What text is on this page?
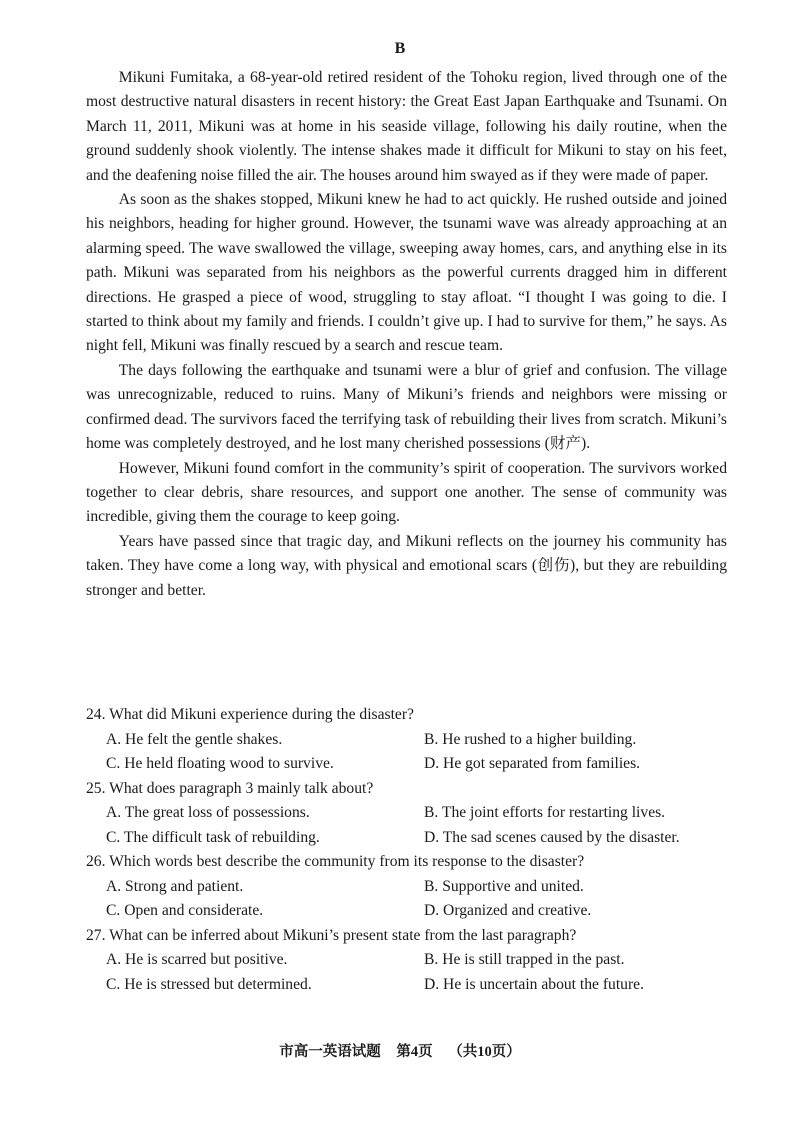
B

Mikuni Fumitaka, a 68-year-old retired resident of the Tohoku region, lived through one of the most destructive natural disasters in recent history: the Great East Japan Earthquake and Tsunami. On March 11, 2011, Mikuni was at home in his seaside village, following his daily routine, when the ground suddenly shook violently. The intense shakes made it difficult for Mikuni to stay on his feet, and the deafening noise filled the air. The houses around him swayed as if they were made of paper.

As soon as the shakes stopped, Mikuni knew he had to act quickly. He rushed outside and joined his neighbors, heading for higher ground. However, the tsunami wave was already approaching at an alarming speed. The wave swallowed the village, sweeping away homes, cars, and anything else in its path. Mikuni was separated from his neighbors as the powerful currents dragged him in different directions. He grasped a piece of wood, struggling to stay afloat. “I thought I was going to die. I started to think about my family and friends. I couldn’t give up. I had to survive for them,” he says. As night fell, Mikuni was finally rescued by a search and rescue team.

The days following the earthquake and tsunami were a blur of grief and confusion. The village was unrecognizable, reduced to ruins. Many of Mikuni’s friends and neighbors were missing or confirmed dead. The survivors faced the terrifying task of rebuilding their lives from scratch. Mikuni’s home was completely destroyed, and he lost many cherished possessions (财产).

However, Mikuni found comfort in the community’s spirit of cooperation. The survivors worked together to clear debris, share resources, and support one another. The sense of community was incredible, giving them the courage to keep going.

Years have passed since that tragic day, and Mikuni reflects on the journey his community has taken. They have come a long way, with physical and emotional scars (创伤), but they are rebuilding stronger and better.

24. What did Mikuni experience during the disaster?

A. He felt the gentle shakes.	B. He rushed to a higher building.
C. He held floating wood to survive.	D. He got separated from families.

25. What does paragraph 3 mainly talk about?

A. The great loss of possessions.	B. The joint efforts for restarting lives.
C. The difficult task of rebuilding.	D. The sad scenes caused by the disaster.

26. Which words best describe the community from its response to the disaster?

A. Strong and patient.	B. Supportive and united.
C. Open and considerate.	D. Organized and creative.

27. What can be inferred about Mikuni’s present state from the last paragraph?

A. He is scarred but positive.	B. He is still trapped in the past.
C. He is stressed but determined.	D. He is uncertain about the future.
市高一英语试题 第4页 （共10页）
